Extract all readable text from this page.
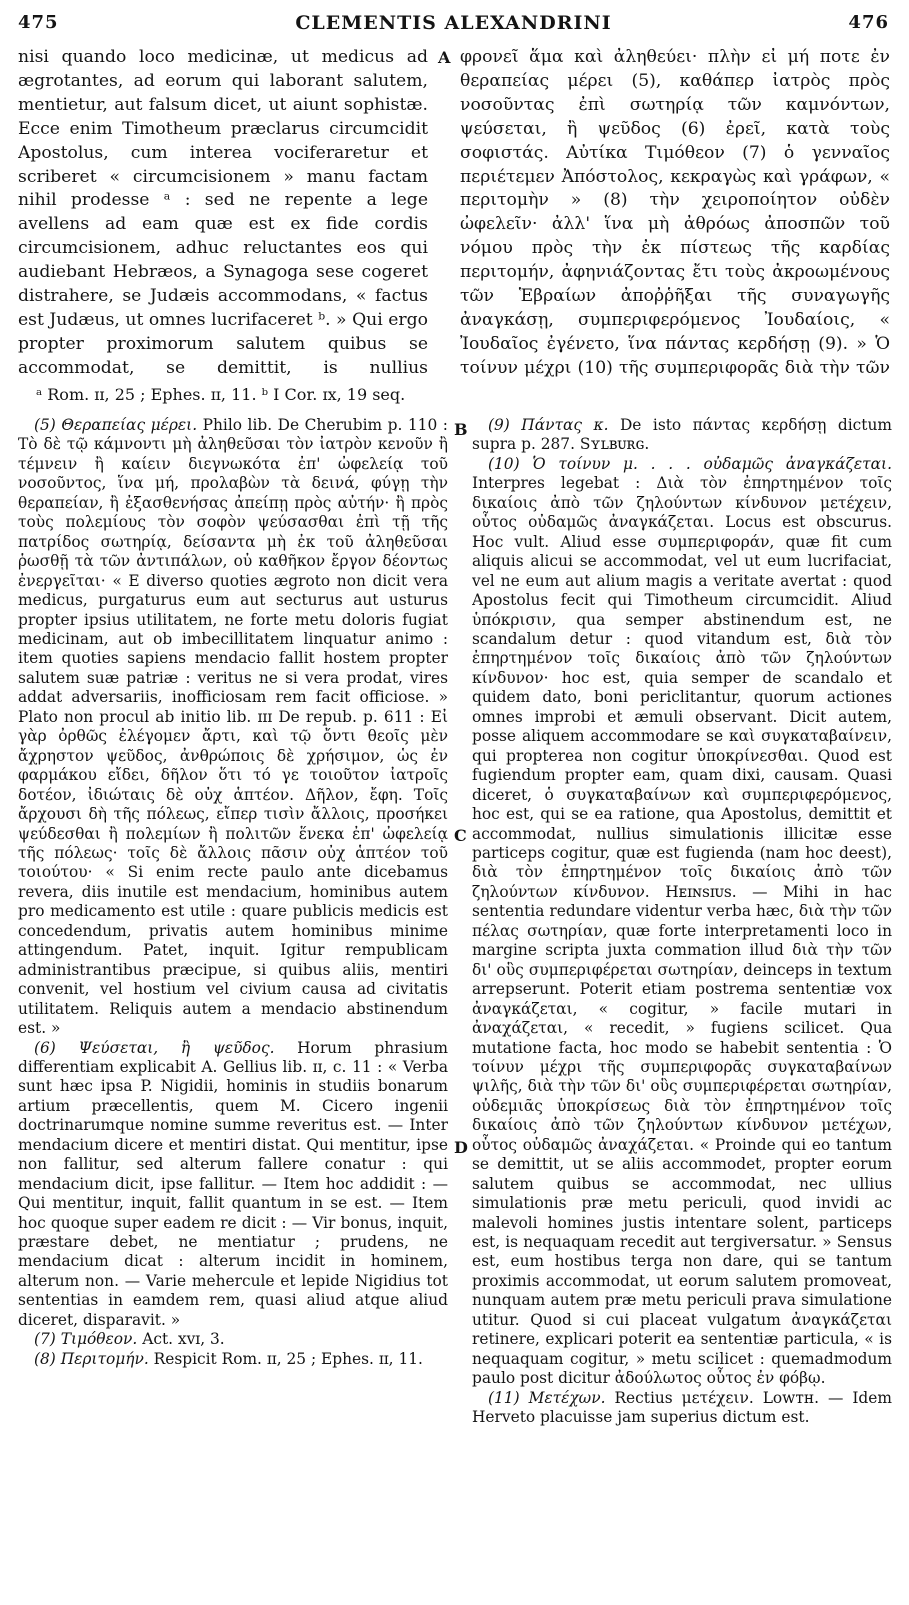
475	CLEMENTIS ALEXANDRINI	476

nisi quando loco medicinæ, ut medicus ad ægrotantes, ad eorum qui laborant salutem, mentietur, aut falsum dicet, ut aiunt sophistæ. Ecce enim Timotheum præclarus circumcidit Apostolus, cum interea vociferaretur et scriberet « circumcisionem » manu factam nihil prodesse ᵃ : sed ne repente a lege avellens ad eam quæ est ex fide cordis circumcisionem, adhuc reluctantes eos qui audiebant Hebræos, a Synagoga sese cogeret distrahere, se Judæis accommodans, « factus est Judæus, ut omnes lucrifaceret ᵇ. » Qui ergo propter proximorum salutem quibus se accommodat, se demittit, is nullius

A φρονεῖ ἅμα καὶ ἀληθεύει· πλὴν εἰ μή ποτε ἐν θεραπείας μέρει (5), καθάπερ ἰατρὸς πρὸς νοσοῦντας ἐπὶ σωτηρίᾳ τῶν καμνόντων, ψεύσεται, ἢ ψεῦδος (6) ἐρεῖ, κατὰ τοὺς σοφιστάς. Αὐτίκα Τιμόθεον (7) ὁ γενναῖος περιέτεμεν Ἀπόστολος, κεκραγὼς καὶ γράφων, « περιτομὴν » (8) τὴν χειροποίητον οὐδὲν ὠφελεῖν· ἀλλ' ἵνα μὴ ἀθρόως ἀποσπῶν τοῦ νόμου πρὸς τὴν ἐκ πίστεως τῆς καρδίας περιτομήν, ἀφηνιάζοντας ἔτι τοὺς ἀκροωμένους τῶν Ἑβραίων ἀποῤῥῆξαι τῆς συναγωγῆς ἀναγκάσῃ, συμπεριφερόμενος Ἰουδαίοις, « Ἰουδαῖος ἐγένετο, ἵνα πάντας κερδήσῃ (9). » Ὁ τοίνυν μέχρι (10) τῆς συμπεριφορᾶς διὰ τὴν τῶν

ᵃ Rom. ɪɪ, 25 ; Ephes. ɪɪ, 11. ᵇ I Cor. ɪx, 19 seq.

(5) Θεραπείας μέρει. Philo lib. De Cherubim p. 110 : Τὸ δὲ τῷ κάμνοντι μὴ ἀληθεῦσαι τὸν ἰατρὸν κενοῦν ἢ τέμνειν ἢ καίειν διεγνωκότα ἐπ' ὠφελείᾳ τοῦ νοσοῦντος, ἵνα μή, προλαβὼν τὰ δεινά, φύγῃ τὴν θεραπείαν, ἢ ἐξασθενήσας ἀπείπῃ πρὸς αὐτήν· ἢ πρὸς τοὺς πολεμίους τὸν σοφὸν ψεύσασθαι ἐπὶ τῇ τῆς πατρίδος σωτηρίᾳ, δείσαντα μὴ ἐκ τοῦ ἀληθεῦσαι ῥωσθῇ τὰ τῶν ἀντιπάλων, οὐ καθῆκον ἔργον δέοντως ἐνεργεῖται· « E diverso quoties ægroto non dicit vera medicus, purgaturus eum aut secturus aut usturus propter ipsius utilitatem, ne forte metu doloris fugiat medicinam, aut ob imbecillitatem linquatur animo : item quoties sapiens mendacio fallit hostem propter salutem suæ patriæ : veritus ne si vera prodat, vires addat adversariis, inofficiosam rem facit officiose. » Plato non procul ab initio lib. ɪɪɪ De repub. p. 611 : Εἰ γὰρ ὀρθῶς ἐλέγομεν ἄρτι, καὶ τῷ ὄντι θεοῖς μὲν ἄχρηστον ψεῦδος, ἀνθρώποις δὲ χρήσιμον, ὡς ἐν φαρμάκου εἴδει, δῆλον ὅτι τό γε τοιοῦτον ἰατροῖς δοτέον, ἰδιώταις δὲ οὐχ ἁπτέον. Δῆλον, ἔφη. Τοῖς ἄρχουσι δὴ τῆς πόλεως, εἴπερ τισὶν ἄλλοις, προσήκει ψεύδεσθαι ἢ πολεμίων ἢ πολιτῶν ἕνεκα ἐπ' ὠφελείᾳ τῆς πόλεως· τοῖς δὲ ἄλλοις πᾶσιν οὐχ ἁπτέον τοῦ τοιούτου· « Si enim recte paulo ante dicebamus revera, diis inutile est mendacium, hominibus autem pro medicamento est utile : quare publicis medicis est concedendum, privatis autem hominibus minime attingendum. Patet, inquit. Igitur rempublicam administrantibus præcipue, si quibus aliis, mentiri convenit, vel hostium vel civium causa ad civitatis utilitatem. Reliquis autem a mendacio abstinendum est. »

(6) Ψεύσεται, ἢ ψεῦδος. Horum phrasium differentiam explicabit A. Gellius lib. ɪɪ, c. 11 : « Verba sunt hæc ipsa P. Nigidii, hominis in studiis bonarum artium præcellentis, quem M. Cicero ingenii doctrinarumque nomine summe reveritus est. — Inter mendacium dicere et mentiri distat. Qui mentitur, ipse non fallitur, sed alterum fallere conatur : qui mendacium dicit, ipse fallitur. — Item hoc addidit : — Qui mentitur, inquit, fallit quantum in se est. — Item hoc quoque super eadem re dicit : — Vir bonus, inquit, præstare debet, ne mentiatur ; prudens, ne mendacium dicat : alterum incidit in hominem, alterum non. — Varie mehercule et lepide Nigidius tot sententias in eamdem rem, quasi aliud atque aliud diceret, disparavit. »

(7) Τιμόθεον. Act. xᴠɪ, 3.

(8) Περιτομήν. Respicit Rom. ɪɪ, 25 ; Ephes. ɪɪ, 11.

B
C
D

(9) Πάντας κ. De isto πάντας κερδήσῃ dictum supra p. 287. Sʏʟʙᴜʀɢ.

(10) Ὁ τοίνυν μ. . . . οὐδαμῶς ἀναγκάζεται. Interpres legebat : Διὰ τὸν ἐπηρτημένον τοῖς δικαίοις ἀπὸ τῶν ζηλούντων κίνδυνον μετέχειν, οὗτος οὐδαμῶς ἀναγκάζεται. Locus est obscurus. Hoc vult. Aliud esse συμπεριφοράν, quæ fit cum aliquis alicui se accommodat, vel ut eum lucrifaciat, vel ne eum aut alium magis a veritate avertat : quod Apostolus fecit qui Timotheum circumcidit. Aliud ὑπόκρισιν, qua semper abstinendum est, ne scandalum detur : quod vitandum est, διὰ τὸν ἐπηρτημένον τοῖς δικαίοις ἀπὸ τῶν ζηλούντων κίνδυνον· hoc est, quia semper de scandalo et quidem dato, boni periclitantur, quorum actiones omnes improbi et æmuli observant. Dicit autem, posse aliquem accommodare se καὶ συγκαταβαίνειν, qui propterea non cogitur ὑποκρίνεσθαι. Quod est fugiendum propter eam, quam dixi, causam. Quasi diceret, ὁ συγκαταβαίνων καὶ συμπεριφερόμενος, hoc est, qui se ea ratione, qua Apostolus, demittit et accommodat, nullius simulationis illicitæ esse particeps cogitur, quæ est fugienda (nam hoc deest), διὰ τὸν ἐπηρτημένον τοῖς δικαίοις ἀπὸ τῶν ζηλούντων κίνδυνον. Hᴇɪɴsɪᴜs. — Mihi in hac sententia redundare videntur verba hæc, διὰ τὴν τῶν πέλας σωτηρίαν, quæ forte interpretamenti loco in margine scripta juxta commation illud διὰ τὴν τῶν δι' οὓς συμπεριφέρεται σωτηρίαν, deinceps in textum arrepserunt. Poterit etiam postrema sententiæ vox ἀναγκάζεται, « cogitur, » facile mutari in ἀναχάζεται, « recedit, » fugiens scilicet. Qua mutatione facta, hoc modo se habebit sententia : Ὁ τοίνυν μέχρι τῆς συμπεριφορᾶς συγκαταβαίνων ψιλῆς, διὰ τὴν τῶν δι' οὓς συμπεριφέρεται σωτηρίαν, οὐδεμιᾶς ὑποκρίσεως διὰ τὸν ἐπηρτημένον τοῖς δικαίοις ἀπὸ τῶν ζηλούντων κίνδυνον μετέχων, οὗτος οὐδαμῶς ἀναχάζεται. « Proinde qui eo tantum se demittit, ut se aliis accommodet, propter eorum salutem quibus se accommodat, nec ullius simulationis præ metu periculi, quod invidi ac malevoli homines justis intentare solent, particeps est, is nequaquam recedit aut tergiversatur. » Sensus est, eum hostibus terga non dare, qui se tantum proximis accommodat, ut eorum salutem promoveat, nunquam autem præ metu periculi prava simulatione utitur. Quod si cui placeat vulgatum ἀναγκάζεται retinere, explicari poterit ea sententiæ particula, « is nequaquam cogitur, » metu scilicet : quemadmodum paulo post dicitur ἀδούλωτος οὗτος ἐν φόβῳ.

(11) Μετέχων. Rectius μετέχειν. Lᴏᴡᴛʜ. — Idem Herveto placuisse jam superius dictum est.
